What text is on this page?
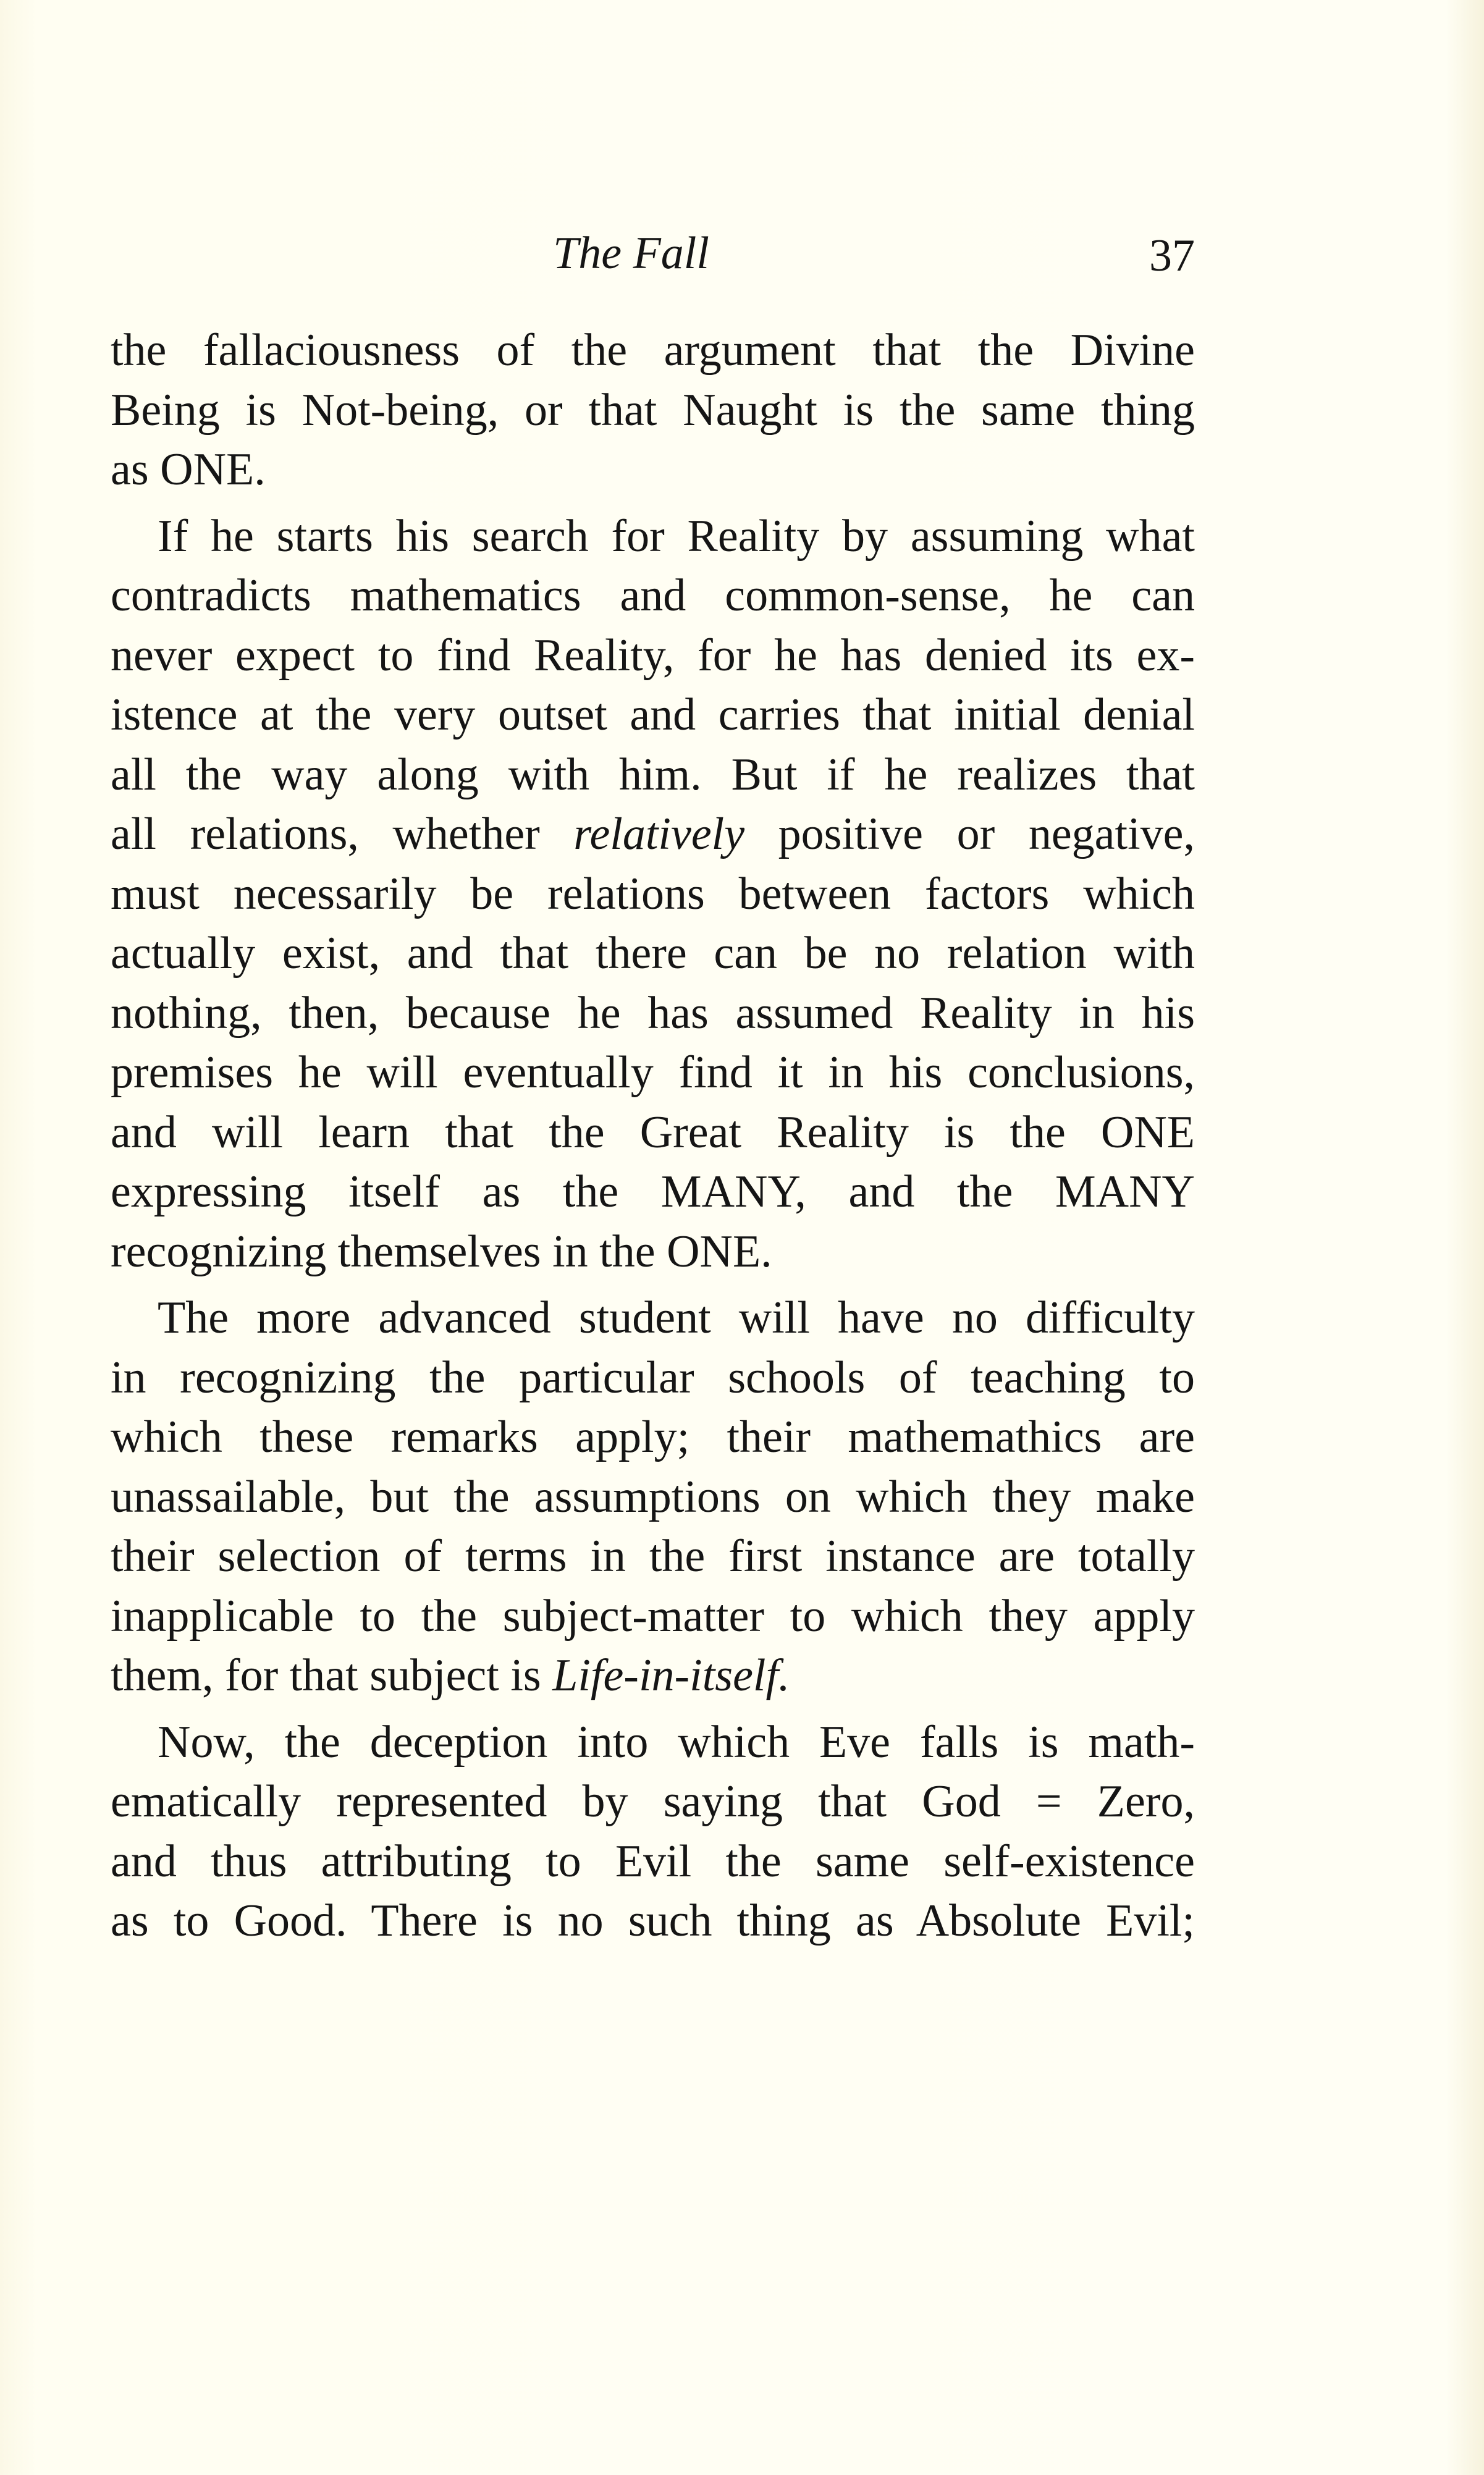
The Fall	37
the fallaciousness of the argument that the Divine
Being is Not-being, or that Naught is the same thing
as ONE.
If he starts his search for Reality by assuming what
contradicts mathematics and common-sense, he can
never expect to find Reality, for he has denied its ex-
istence at the very outset and carries that initial denial
all the way along with him. But if he realizes that
all relations, whether relatively positive or negative,
must necessarily be relations between factors which
actually exist, and that there can be no relation with
nothing, then, because he has assumed Reality in his
premises he will eventually find it in his conclusions,
and will learn that the Great Reality is the ONE
expressing itself as the MANY, and the MANY
recognizing themselves in the ONE.
The more advanced student will have no difficulty
in recognizing the particular schools of teaching to
which these remarks apply; their mathemathics are
unassailable, but the assumptions on which they make
their selection of terms in the first instance are totally
inapplicable to the subject-matter to which they apply
them, for that subject is Life-in-itself.
Now, the deception into which Eve falls is math-
ematically represented by saying that God = Zero,
and thus attributing to Evil the same self-existence
as to Good. There is no such thing as Absolute Evil;
